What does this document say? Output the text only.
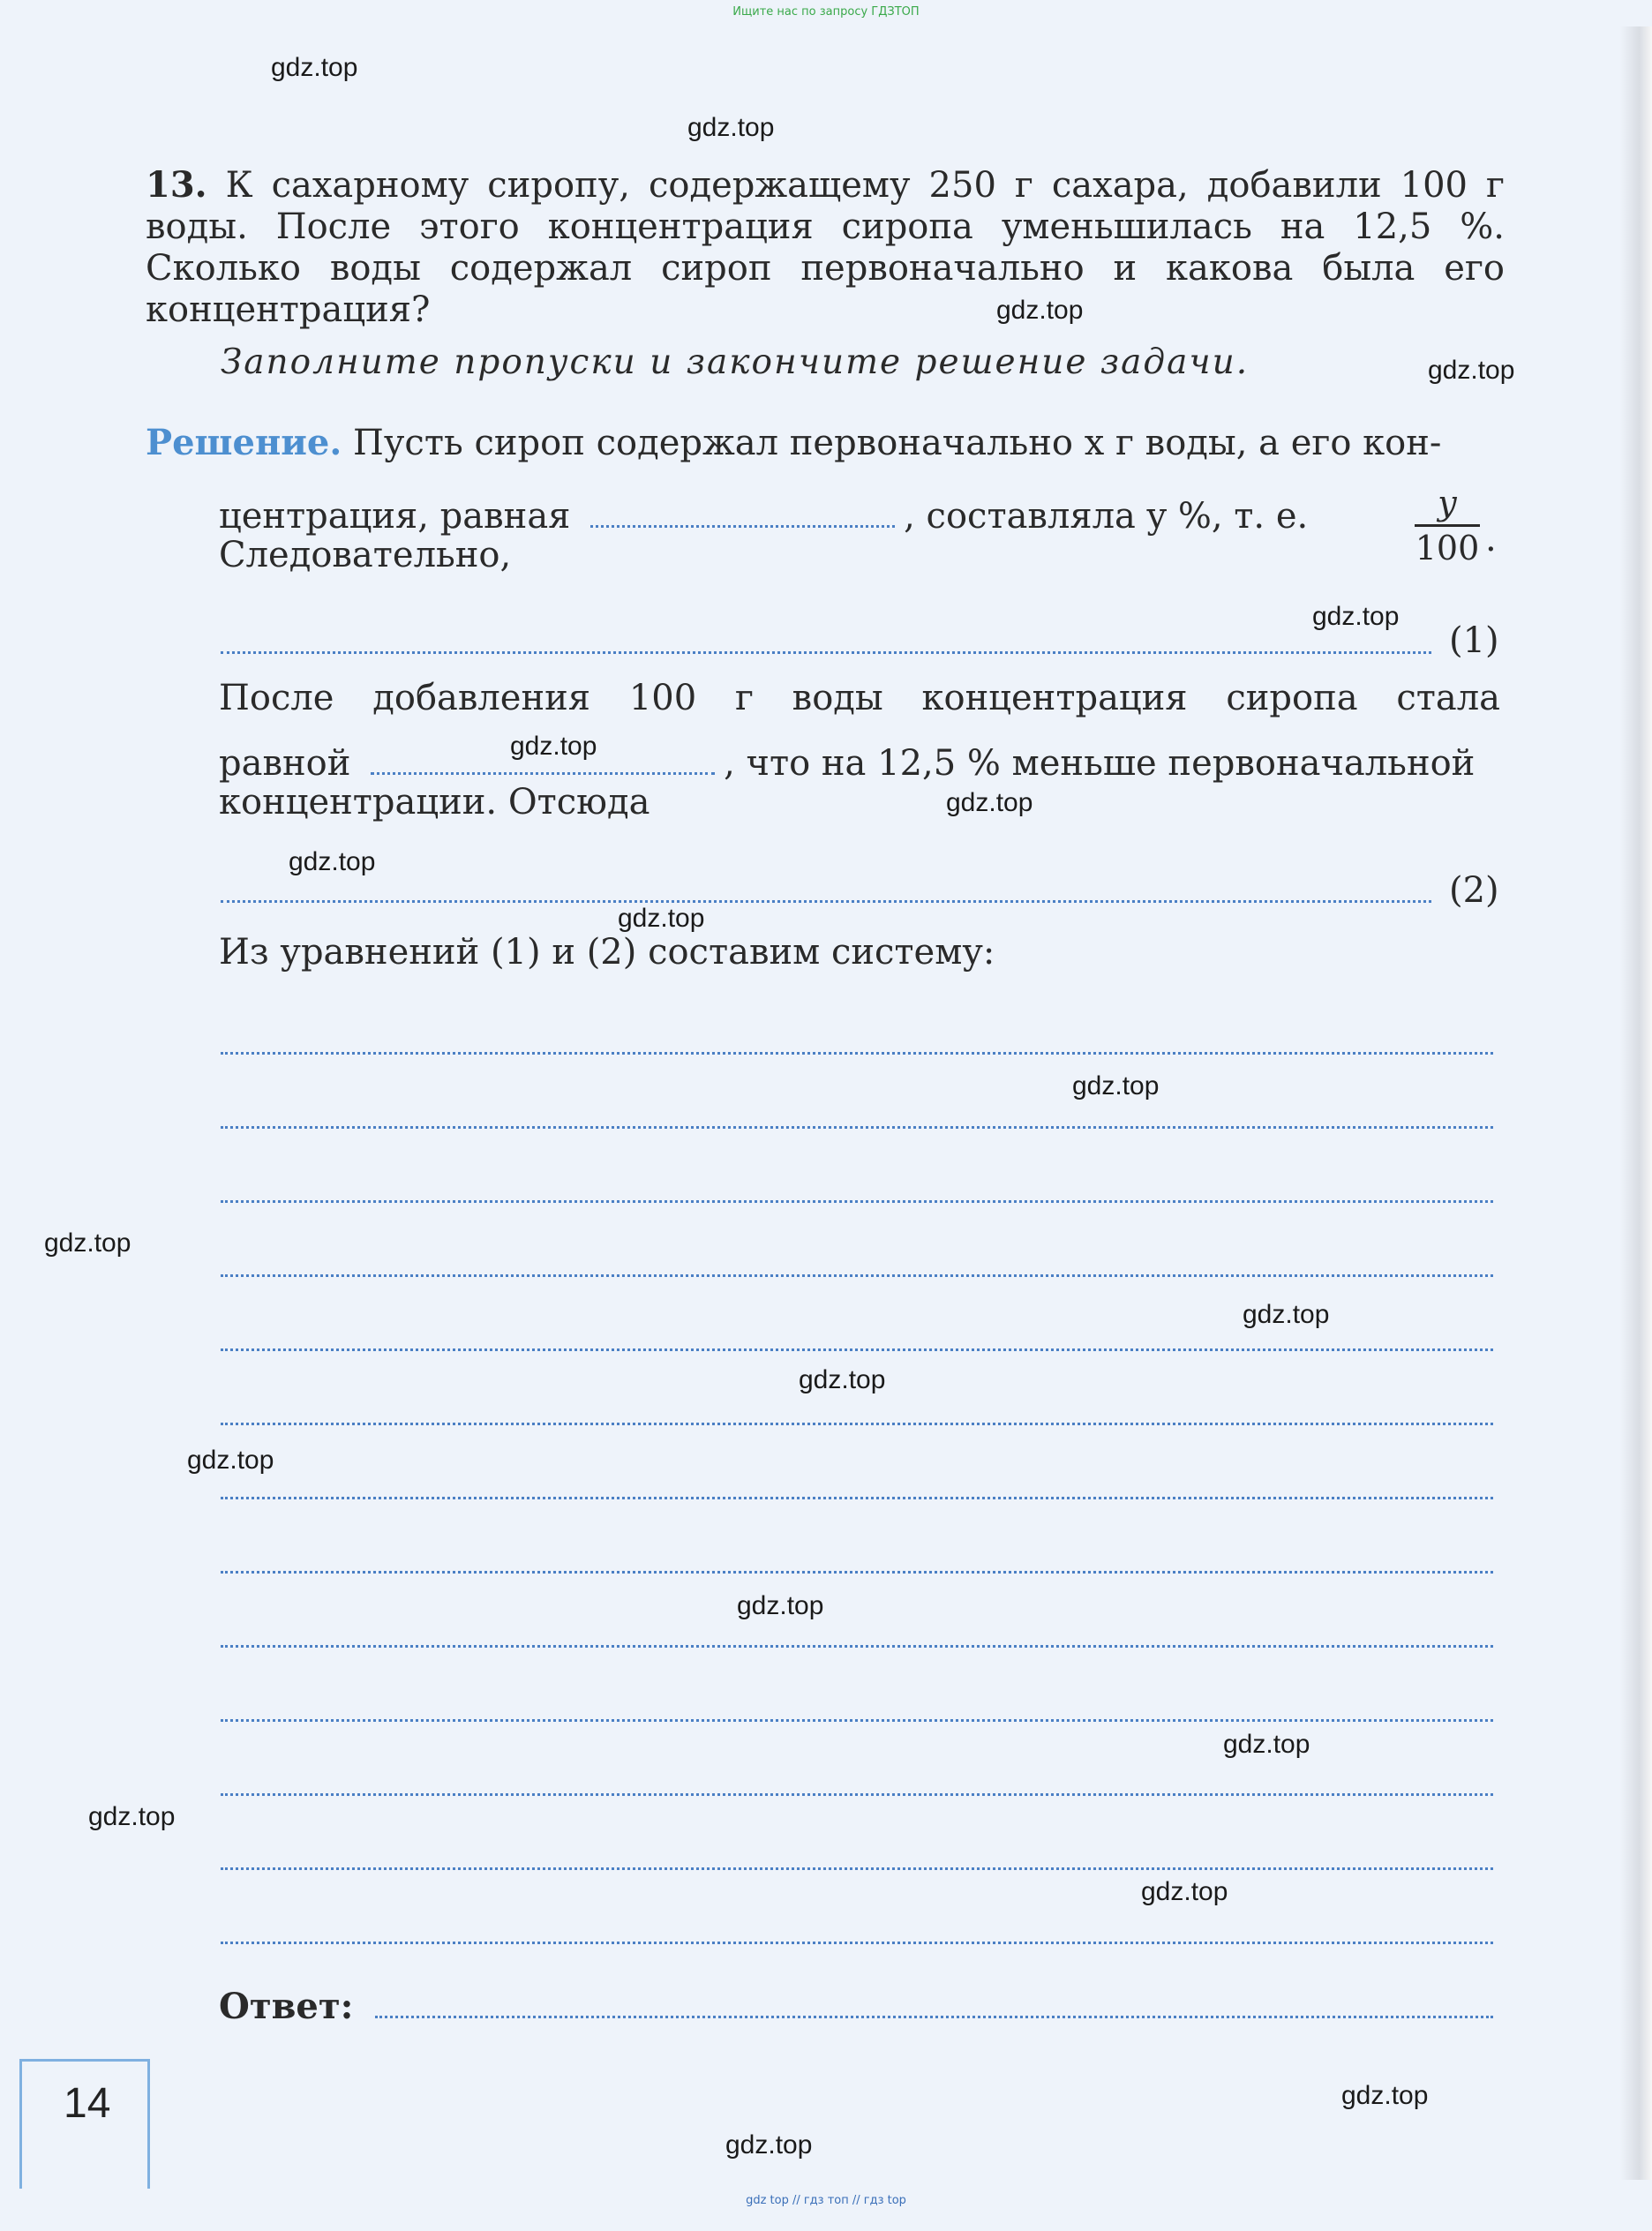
Ищите нас по запросу ГДЗТОП
gdz.top
gdz.top
gdz.top
gdz.top
gdz.top
gdz.top
gdz.top
gdz.top
gdz.top
gdz.top
gdz.top
gdz.top
gdz.top
gdz.top
gdz.top
gdz.top
gdz.top
gdz.top
gdz.top
gdz.top
13. К сахарному сиропу, содержащему 250 г сахара, добавили 100 г воды. После этого концентрация сиропа уменьшилась на 12,5 %. Сколько воды содержал сироп первоначально и какова была его концентрация?
Заполните пропуски и закончите решение задачи.
Решение. Пусть сироп содержал первоначально x г воды, а его кон-
центрация, равная	, составляла y %, т. е.	y
100 .
Следовательно,
(1)
После добавления 100 г воды концентрация сиропа стала
равной	, что на 12,5 % меньше первоначальной
концентрации. Отсюда
(2)
Из уравнений (1) и (2) составим систему:
Ответ:
14
gdz top // гдз топ // гдз top
